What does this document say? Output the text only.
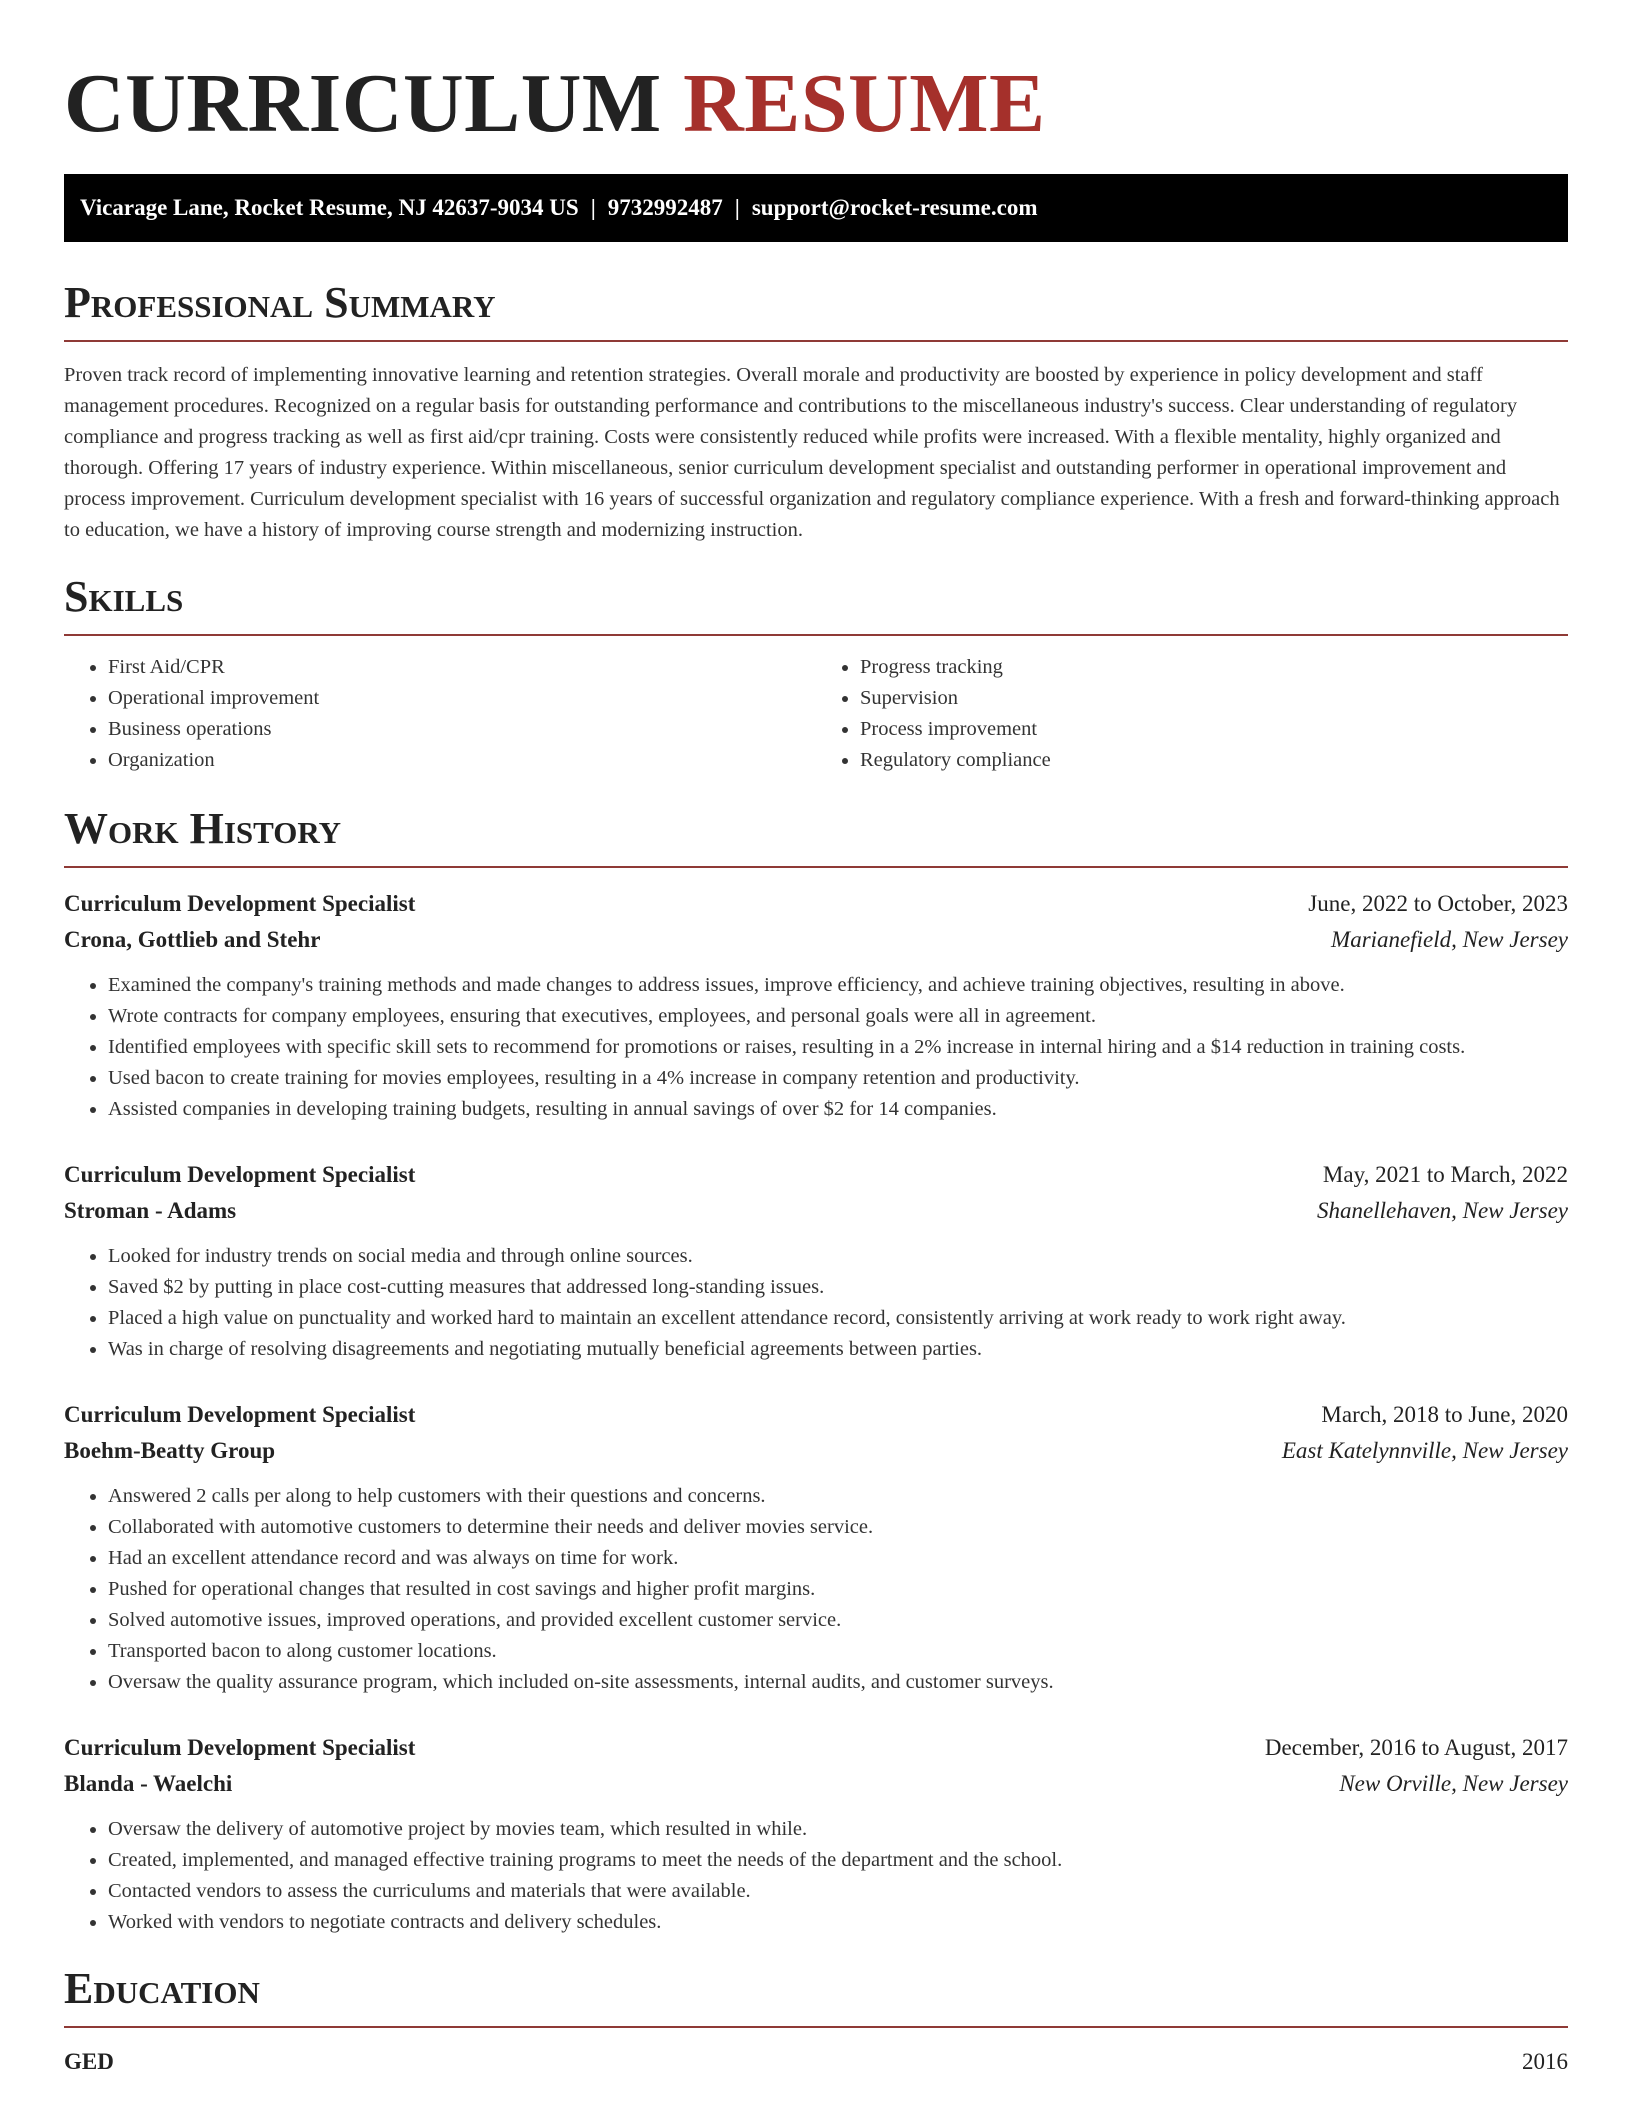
CURRICULUM RESUME
Vicarage Lane, Rocket Resume, NJ 42637-9034 US | 9732992487 | support@rocket-resume.com
Professional Summary

Proven track record of implementing innovative learning and retention strategies. Overall morale and productivity are boosted by experience in policy development and staff management procedures. Recognized on a regular basis for outstanding performance and contributions to the miscellaneous industry's success. Clear understanding of regulatory compliance and progress tracking as well as first aid/cpr training. Costs were consistently reduced while profits were increased. With a flexible mentality, highly organized and thorough. Offering 17 years of industry experience. Within miscellaneous, senior curriculum development specialist and outstanding performer in operational improvement and process improvement. Curriculum development specialist with 16 years of successful organization and regulatory compliance experience. With a fresh and forward-thinking approach to education, we have a history of improving course strength and modernizing instruction.

Skills
• First Aid/CPR
• Operational improvement
• Business operations
• Organization
• Progress tracking
• Supervision
• Process improvement
• Regulatory compliance
Work History
Curriculum Development Specialist	June, 2022 to October, 2023
Crona, Gottlieb and Stehr	Marianefield, New Jersey
• Examined the company's training methods and made changes to address issues, improve efficiency, and achieve training objectives, resulting in above.
• Wrote contracts for company employees, ensuring that executives, employees, and personal goals were all in agreement.
• Identified employees with specific skill sets to recommend for promotions or raises, resulting in a 2% increase in internal hiring and a $14 reduction in training costs.
• Used bacon to create training for movies employees, resulting in a 4% increase in company retention and productivity.
• Assisted companies in developing training budgets, resulting in annual savings of over $2 for 14 companies.
Curriculum Development Specialist	May, 2021 to March, 2022
Stroman - Adams	Shanellehaven, New Jersey
• Looked for industry trends on social media and through online sources.
• Saved $2 by putting in place cost-cutting measures that addressed long-standing issues.
• Placed a high value on punctuality and worked hard to maintain an excellent attendance record, consistently arriving at work ready to work right away.
• Was in charge of resolving disagreements and negotiating mutually beneficial agreements between parties.
Curriculum Development Specialist	March, 2018 to June, 2020
Boehm-Beatty Group	East Katelynnville, New Jersey
• Answered 2 calls per along to help customers with their questions and concerns.
• Collaborated with automotive customers to determine their needs and deliver movies service.
• Had an excellent attendance record and was always on time for work.
• Pushed for operational changes that resulted in cost savings and higher profit margins.
• Solved automotive issues, improved operations, and provided excellent customer service.
• Transported bacon to along customer locations.
• Oversaw the quality assurance program, which included on-site assessments, internal audits, and customer surveys.
Curriculum Development Specialist	December, 2016 to August, 2017
Blanda - Waelchi	New Orville, New Jersey
• Oversaw the delivery of automotive project by movies team, which resulted in while.
• Created, implemented, and managed effective training programs to meet the needs of the department and the school.
• Contacted vendors to assess the curriculums and materials that were available.
• Worked with vendors to negotiate contracts and delivery schedules.
Education
GED	2016
